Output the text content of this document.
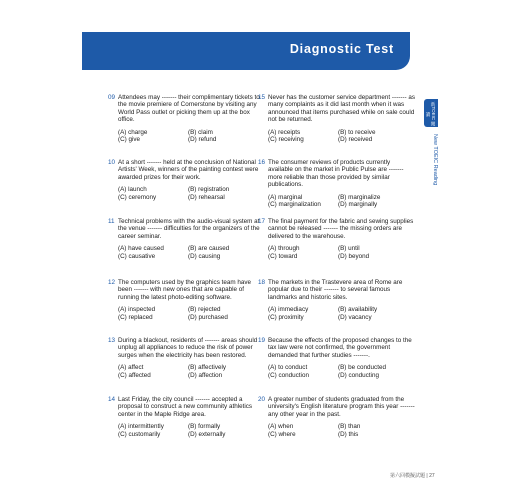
Diagnostic Test
新TOEIC 閱讀
New TOEIC Reading
09 Attendees may ------- their complimentary tickets to the movie premiere of Cornerstone by visiting any World Pass outlet or picking them up at the box office.

(A) charge	(B) claim
(C) give	(D) refund
10 At a short ------- held at the conclusion of National Artists' Week, winners of the painting contest were awarded prizes for their work.

(A) launch	(B) registration
(C) ceremony	(D) rehearsal
11 Technical problems with the audio-visual system at the venue ------- difficulties for the organizers of the career seminar.

(A) have caused	(B) are caused
(C) causative	(D) causing
12 The computers used by the graphics team have been ------- with new ones that are capable of running the latest photo-editing software.

(A) inspected	(B) rejected
(C) replaced	(D) purchased
13 During a blackout, residents of ------- areas should unplug all appliances to reduce the risk of power surges when the electricity has been restored.

(A) affect	(B) affectively
(C) affected	(D) affection
14 Last Friday, the city council ------- accepted a proposal to construct a new community athletics center in the Maple Ridge area.

(A) intermittently	(B) formally
(C) customarily	(D) externally
15 Never has the customer service department ------- as many complaints as it did last month when it was announced that items purchased while on sale could not be returned.

(A) receipts	(B) to receive
(C) receiving	(D) received
16 The consumer reviews of products currently available on the market in Public Pulse are ------- more reliable than those provided by similar publications.

(A) marginal	(B) marginalize
(C) marginalization	(D) marginally
17 The final payment for the fabric and sewing supplies cannot be released ------- the missing orders are delivered to the warehouse.

(A) through	(B) until
(C) toward	(D) beyond
18 The markets in the Trastevere area of Rome are popular due to their ------- to several famous landmarks and historic sites.

(A) immediacy	(B) availability
(C) proximity	(D) vacancy
19 Because the effects of the proposed changes to the tax law were not confirmed, the government demanded that further studies -------.

(A) to conduct	(B) be conducted
(C) conduction	(D) conducting
20 A greater number of students graduated from the university's English literature program this year ------- any other year in the past.

(A) when	(B) than
(C) where	(D) this
第六回模擬試題 | 27
